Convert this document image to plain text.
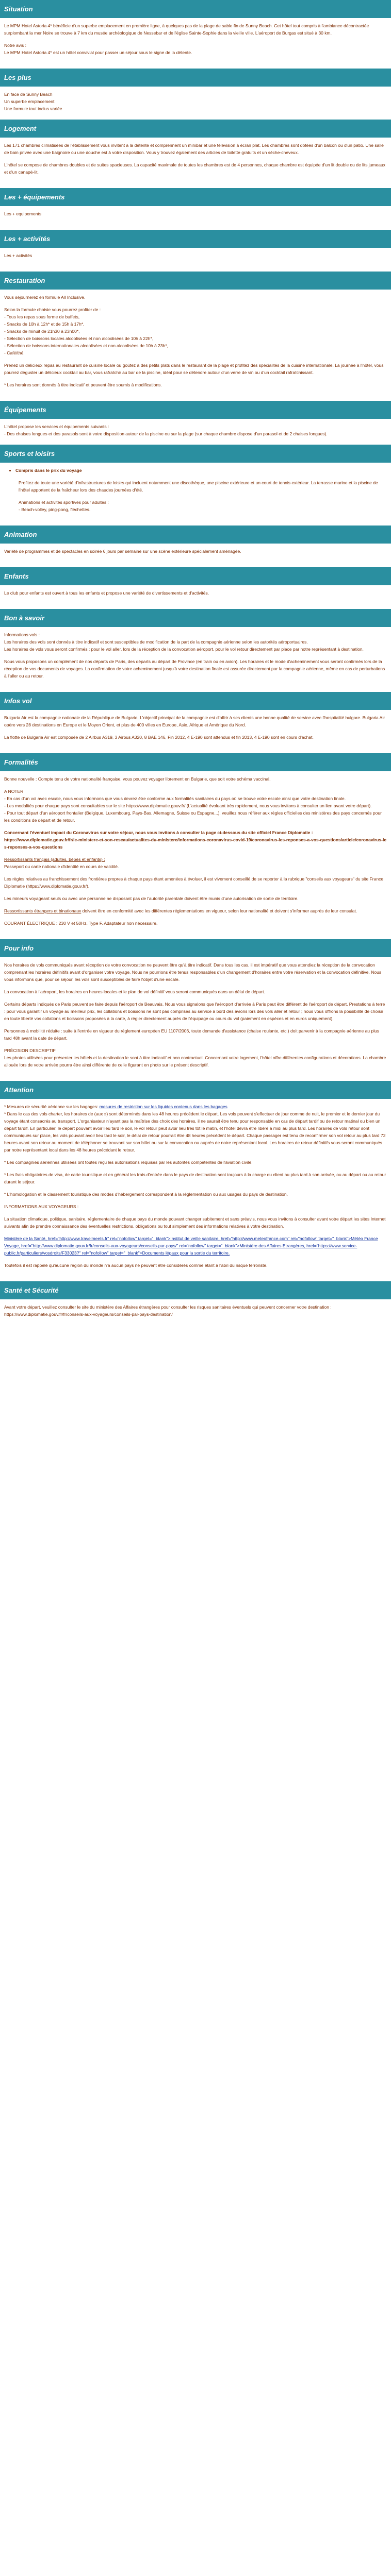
Situation

Le MPM Hotel Astoria 4* bénéficie d'un superbe emplacement en première ligne, à quelques pas de la plage de sable fin de Sunny Beach. Cet hôtel tout compris à l'ambiance décontractée surplombant la mer Noire se trouve à 7 km du musée archéologique de Nessebar et de l'église Sainte-Sophie dans la vieille ville. L'aéroport de Burgas est situé à 30 km.

Notre avis :

Le MPM Hotel Astoria 4* est un hôtel convivial pour passer un séjour sous le signe de la détente.

Les plus
En face de Sunny Beach
Un superbe emplacement
Une formule tout inclus variée
Logement

Les 171 chambres climatisées de l'établissement vous invitent à la détente et comprennent un minibar et une télévision à écran plat. Les chambres sont dotées d'un balcon ou d'un patio. Une salle de bain privée avec une baignoire ou une douche est à votre disposition. Vous y trouvez également des articles de toilette gratuits et un sèche-cheveux.

L'hôtel se compose de chambres doubles et de suites spacieuses. La capacité maximale de toutes les chambres est de 4 personnes, chaque chambre est équipée d'un lit double ou de lits jumeaux et d'un canapé-lit.

Les + équipements

Les + equipements

Les + activités

Les + activités

Restauration

Vous séjournerez en formule All Inclusive.

Selon la formule choisie vous pourrez profiter de :

- Tous les repas sous forme de buffets,
- Snacks de 10h à 12h* et de 15h à 17h*,
- Snacks de minuit de 21h30 à 23h00*,
- Sélection de boissons locales alcoolisées et non alcoolisées de 10h à 22h*,
- Sélection de boissons internationales alcoolisées et non alcoolisées de 10h à 23h*,
- Café/thé.

Prenez un délicieux repas au restaurant de cuisine locale ou goûtez à des petits plats dans le restaurant de la plage et profitez des spécialités de la cuisine internationale. La journée à l'hôtel, vous pourrez déguster un délicieux cocktail au bar, vous rafraîchir au bar de la piscine, idéal pour se détendre autour d'un verre de vin ou d'un cocktail rafraîchissant.

* Les horaires sont donnés à titre indicatif et peuvent être soumis à modifications.

Équipements

L'hôtel propose les services et équipements suivants :

- Des chaises longues et des parasols sont à votre disposition autour de la piscine ou sur la plage (sur chaque chambre dispose d'un parasol et de 2 chaises longues).
Sports et loisirs
• Compris dans le prix du voyage

Profitez de toute une variété d'infrastructures de loisirs qui incluent notamment une discothèque, une piscine extérieure et un court de tennis extérieur. La terrasse marine et la piscine de l'hôtel apportent de la fraîcheur lors des chaudes journées d'été.

Animations et activités sportives pour adultes :

- Beach-volley, ping-pong, fléchettes.

Animation

Variété de programmes et de spectacles en soirée 6 jours par semaine sur une scène extérieure spécialement aménagée.

Enfants

Le club pour enfants est ouvert à tous les enfants et propose une variété de divertissements et d'activités.

Bon à savoir

Informations vols :

Les horaires des vols sont donnés à titre indicatif et sont susceptibles de modification de la part de la compagnie aérienne selon les autorités aéroportuaires.

Les horaires de vols vous seront confirmés : pour le vol aller, lors de la réception de la convocation aéroport, pour le vol retour directement par place par notre représentant à destination.

Nous vous proposons un complément de nos départs de Paris, des départs au départ de Province (en train ou en avion). Les horaires et le mode d'acheminement vous seront confirmés lors de la réception de vos documents de voyages. La confirmation de votre acheminement jusqu'à votre destination finale est assurée directement par la compagnie aérienne, même en cas de perturbations à l'aller ou au retour.

Infos vol

Bulgaria Air est la compagnie nationale de la République de Bulgarie. L'objectif principal de la compagnie est d'offrir à ses clients une bonne qualité de service avec l'hospitalité bulgare. Bulgaria Air opère vers 28 destinations en Europe et le Moyen Orient, et plus de 400 villes en Europe, Asie, Afrique et Amérique du Nord.

La flotte de Bulgaria Air est composée de 2 Airbus A319, 3 Airbus A320, 8 BAE 146, Fin 2012, 4 E-190 sont attendus et fin 2013, 4 E-190 sont en cours d'achat.

Formalités

Bonne nouvelle : Compte tenu de votre nationalité française, vous pouvez voyager librement en Bulgarie, que soit votre schéma vaccinal.

A NOTER

- En cas d'un vol avec escale, nous vous informons que vous devrez être conforme aux formalités sanitaires du pays où se trouve votre escale ainsi que votre destination finale.

- Les modalités pour chaque pays sont consultables sur le site https://www.diplomatie.gouv.fr/ (L'actualité évoluant très rapidement, nous vous invitons à consulter un lien avant votre départ).

- Pour tout départ d'un aéroport frontalier (Belgique, Luxembourg, Pays-Bas, Allemagne, Suisse ou Espagne...), veuillez nous référer aux règles officielles des ministères des pays concernés pour les conditions de départ et de retour.

Concernant l'éventuel impact du Coronavirus sur votre séjour, nous vous invitons à consulter la page ci-dessous du site officiel France Diplomatie :

https://www.diplomatie.gouv.fr/fr/le-ministere-et-son-reseau/actualites-du-ministere/informations-coronavirus-covid-19/coronavirus-les-reponses-a-vos-questions/article/coronavirus-les-reponses-a-vos-questions

Ressortissants français (adultes, bébés et enfants) :

Passeport ou carte nationale d'identité en cours de validité.

Les règles relatives au franchissement des frontières propres à chaque pays étant amenées à évoluer, il est vivement conseillé de se reporter à la rubrique "conseils aux voyageurs" du site France Diplomatie (https://www.diplomatie.gouv.fr/).

Les mineurs voyageant seuls ou avec une personne ne disposant pas de l'autorité parentale doivent être munis d'une autorisation de sortie de territoire.

Ressortissants étrangers et binationaux doivent être en conformité avec les différentes réglementations en vigueur, selon leur nationalité et doivent s'informer auprès de leur consulat.

COURANT ÉLECTRIQUE : 230 V et 50Hz. Type F. Adaptateur non nécessaire.

Pour info

Nos horaires de vols communiqués avant réception de votre convocation ne peuvent être qu'à titre indicatif. Dans tous les cas, il est impératif que vous attendiez la réception de la convocation comprenant les horaires définitifs avant d'organiser votre voyage. Nous ne pourrions être tenus responsables d'un changement d'horaires entre votre réservation et la convocation définitive. Nous vous informons que, pour ce séjour, les vols sont susceptibles de faire l'objet d'une escale.

La convocation à l'aéroport, les horaires en heures locales et le plan de vol définitif vous seront communiqués dans un délai de départ.

Certains départs indiqués de Paris peuvent se faire depuis l'aéroport de Beauvais. Nous vous signalons que l'aéroport d'arrivée à Paris peut être différent de l'aéroport de départ. Prestations à terre : pour vous garantir un voyage au meilleur prix, les collations et boissons ne sont pas comprises au service à bord des avions lors des vols aller et retour ; nous vous offrons la possibilité de choisir en toute liberté vos collations et boissons proposées à la carte, à régler directement auprès de l'équipage ou cours du vol (paiement en espèces et en euros uniquement).

Personnes à mobilité réduite : suite à l'entrée en vigueur du règlement européen EU 1107/2006, toute demande d'assistance (chaise roulante, etc.) doit parvenir à la compagnie aérienne au plus tard 48h avant la date de départ.

PRÉCISION DESCRIPTIF

Les photos utilisées pour présenter les hôtels et la destination le sont à titre indicatif et non contractuel. Concernant votre logement, l'hôtel offre différentes configurations et décorations. La chambre allouée lors de votre arrivée pourra être ainsi différente de celle figurant en photo sur le présent descriptif.

Attention

* Mesures de sécurité aérienne sur les bagages: mesures de restriction sur les liquides contenus dans les bagages

* Dans le cas des vols charter, les horaires de (aux ») sont déterminés dans les 48 heures précédent le départ. Les vols peuvent s'effectuer de jour comme de nuit, le premier et le dernier jour du voyage étant consacrés au transport. L'organisateur n'ayant pas la maîtrise des choix des horaires, il ne saurait être tenu pour responsable en cas de départ tardif ou de retour matinal ou bien un départ tardif. En particulier, le départ pouvant avoir lieu tard le soir, le vol retour peut avoir lieu très tôt le matin, et l'hôtel devra être libéré à midi au plus tard. Les horaires de vols retour sont communiqués sur place, les vols pouvant avoir lieu tard le soir, le délai de retour pourrait être 48 heures précédent le départ. Chaque passager est tenu de reconfirmer son vol retour au plus tard 72 heures avant son retour au moment de téléphoner se trouvant sur son billet ou sur la convocation ou auprès de notre représentant local. Les horaires de retour définitifs vous seront communiqués par notre représentant local dans les 48 heures précédant le retour.

* Les compagnies aériennes utilisées ont toutes reçu les autorisations requises par les autorités compétentes de l'aviation civile.

* Les frais obligatoires de visa, de carte touristique et en général les frais d'entrée dans le pays de destination sont toujours à la charge du client au plus tard à son arrivée, ou au départ ou au retour durant le séjour.

* L'homologation et le classement touristique des modes d'hébergement correspondent à la réglementation ou aux usages du pays de destination.

INFORMATIONS AUX VOYAGEURS :

La situation climatique, politique, sanitaire, réglementaire de chaque pays du monde pouvant changer subitement et sans préavis, nous vous invitons à consulter avant votre départ les sites Internet suivants afin de prendre connaissance des éventuelles restrictions, obligations ou tout simplement des informations relatives à votre destination.

Ministère de la Santé, href="http://www.travelmeets.fr" rel="nofollow" target="_blank">Institut de veille sanitaire, href="http://www.meteofrance.com" rel="nofollow" target="_blank">Météo France Voyage, href="http://www.diplomatie.gouv.fr/fr/conseils-aux-voyageurs/conseils-par-pays/" rel="nofollow" target="_blank">Ministère des Affaires Etrangères, href="https://www.service-public.fr/particuliers/vosdroits/F33023?" rel="nofollow" target="_blank">Documents légaux pour la sortie du territoire.

Toutefois il est rappelé qu'aucune région du monde n'a aucun pays ne peuvent être considérés comme étant à l'abri du risque terroriste.

Santé et Sécurité

Avant votre départ, veuillez consulter le site du ministère des Affaires étrangères pour consulter les risques sanitaires éventuels qui peuvent concerner votre destination : https://www.diplomatie.gouv.fr/fr/conseils-aux-voyageurs/conseils-par-pays-destination/
